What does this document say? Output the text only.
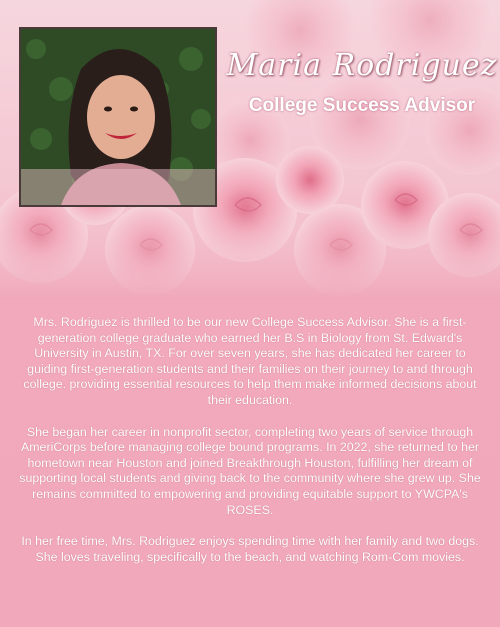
Maria Rodriguez
College Success Advisor

Mrs. Rodriguez is thrilled to be our new College Success Advisor. She is a first-generation college graduate who earned her B.S in Biology from St. Edward's University in Austin, TX. For over seven years, she has dedicated her career to guiding first-generation students and their families on their journey to and through college. providing essential resources to help them make informed decisions about their education.

She began her career in nonprofit sector, completing two years of service through AmeriCorps before managing college bound programs. In 2022, she returned to her hometown near Houston and joined Breakthrough Houston, fulfilling her dream of supporting local students and giving back to the community where she grew up. She remains committed to empowering and providing equitable support to YWCPA's ROSES.

In her free time, Mrs. Rodriguez enjoys spending time with her family and two dogs. She loves traveling, specifically to the beach, and watching Rom-Com movies.
